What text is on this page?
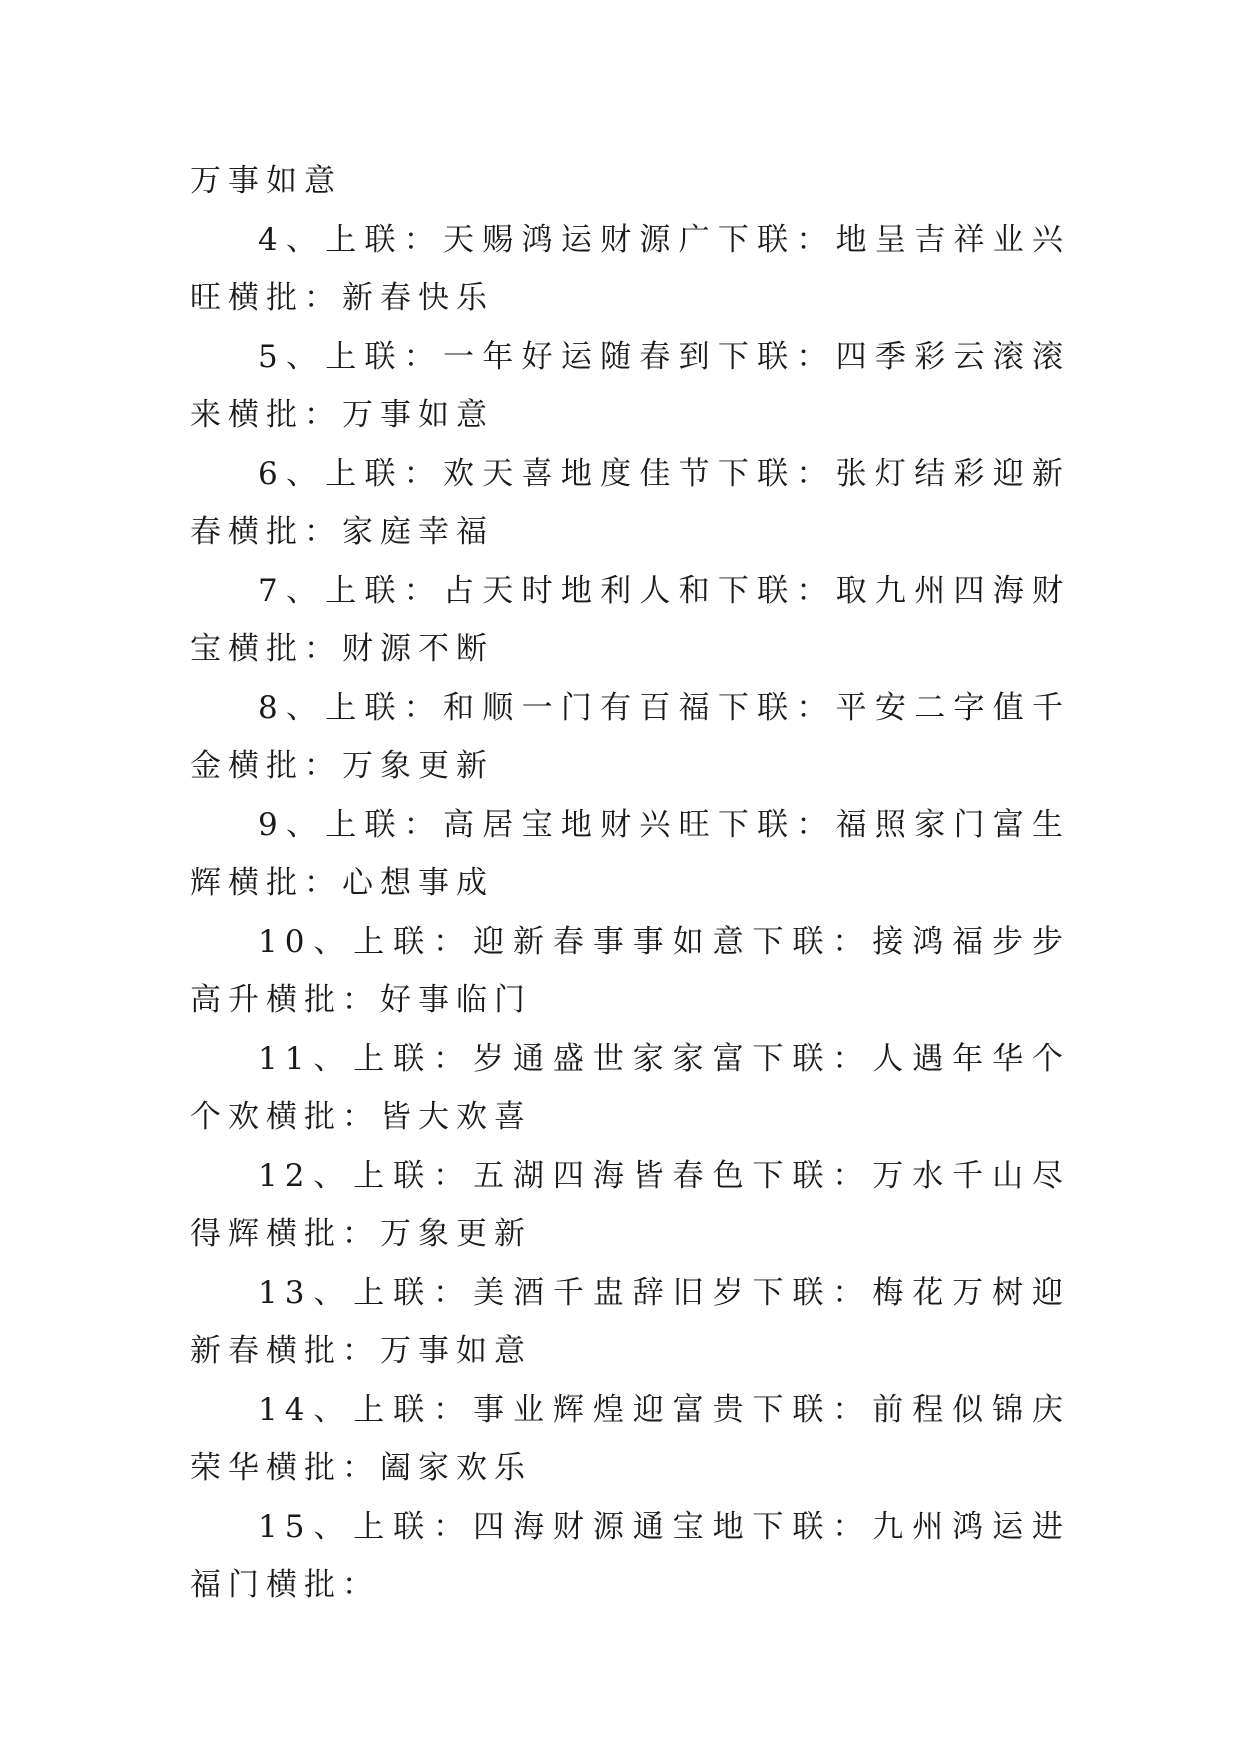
万事如意

4、上联：天赐鸿运财源广下联：地呈吉祥业兴旺横批：新春快乐

5、上联：一年好运随春到下联：四季彩云滚滚来横批：万事如意

6、上联：欢天喜地度佳节下联：张灯结彩迎新春横批：家庭幸福

7、上联：占天时地利人和下联：取九州四海财宝横批：财源不断

8、上联：和顺一门有百福下联：平安二字值千金横批：万象更新

9、上联：高居宝地财兴旺下联：福照家门富生辉横批：心想事成

10、上联：迎新春事事如意下联：接鸿福步步高升横批：好事临门

11、上联：岁通盛世家家富下联：人遇年华个个欢横批：皆大欢喜

12、上联：五湖四海皆春色下联：万水千山尽得辉横批：万象更新

13、上联：美酒千盅辞旧岁下联：梅花万树迎新春横批：万事如意

14、上联：事业辉煌迎富贵下联：前程似锦庆荣华横批：阖家欢乐

15、上联：四海财源通宝地下联：九州鸿运进福门横批：
